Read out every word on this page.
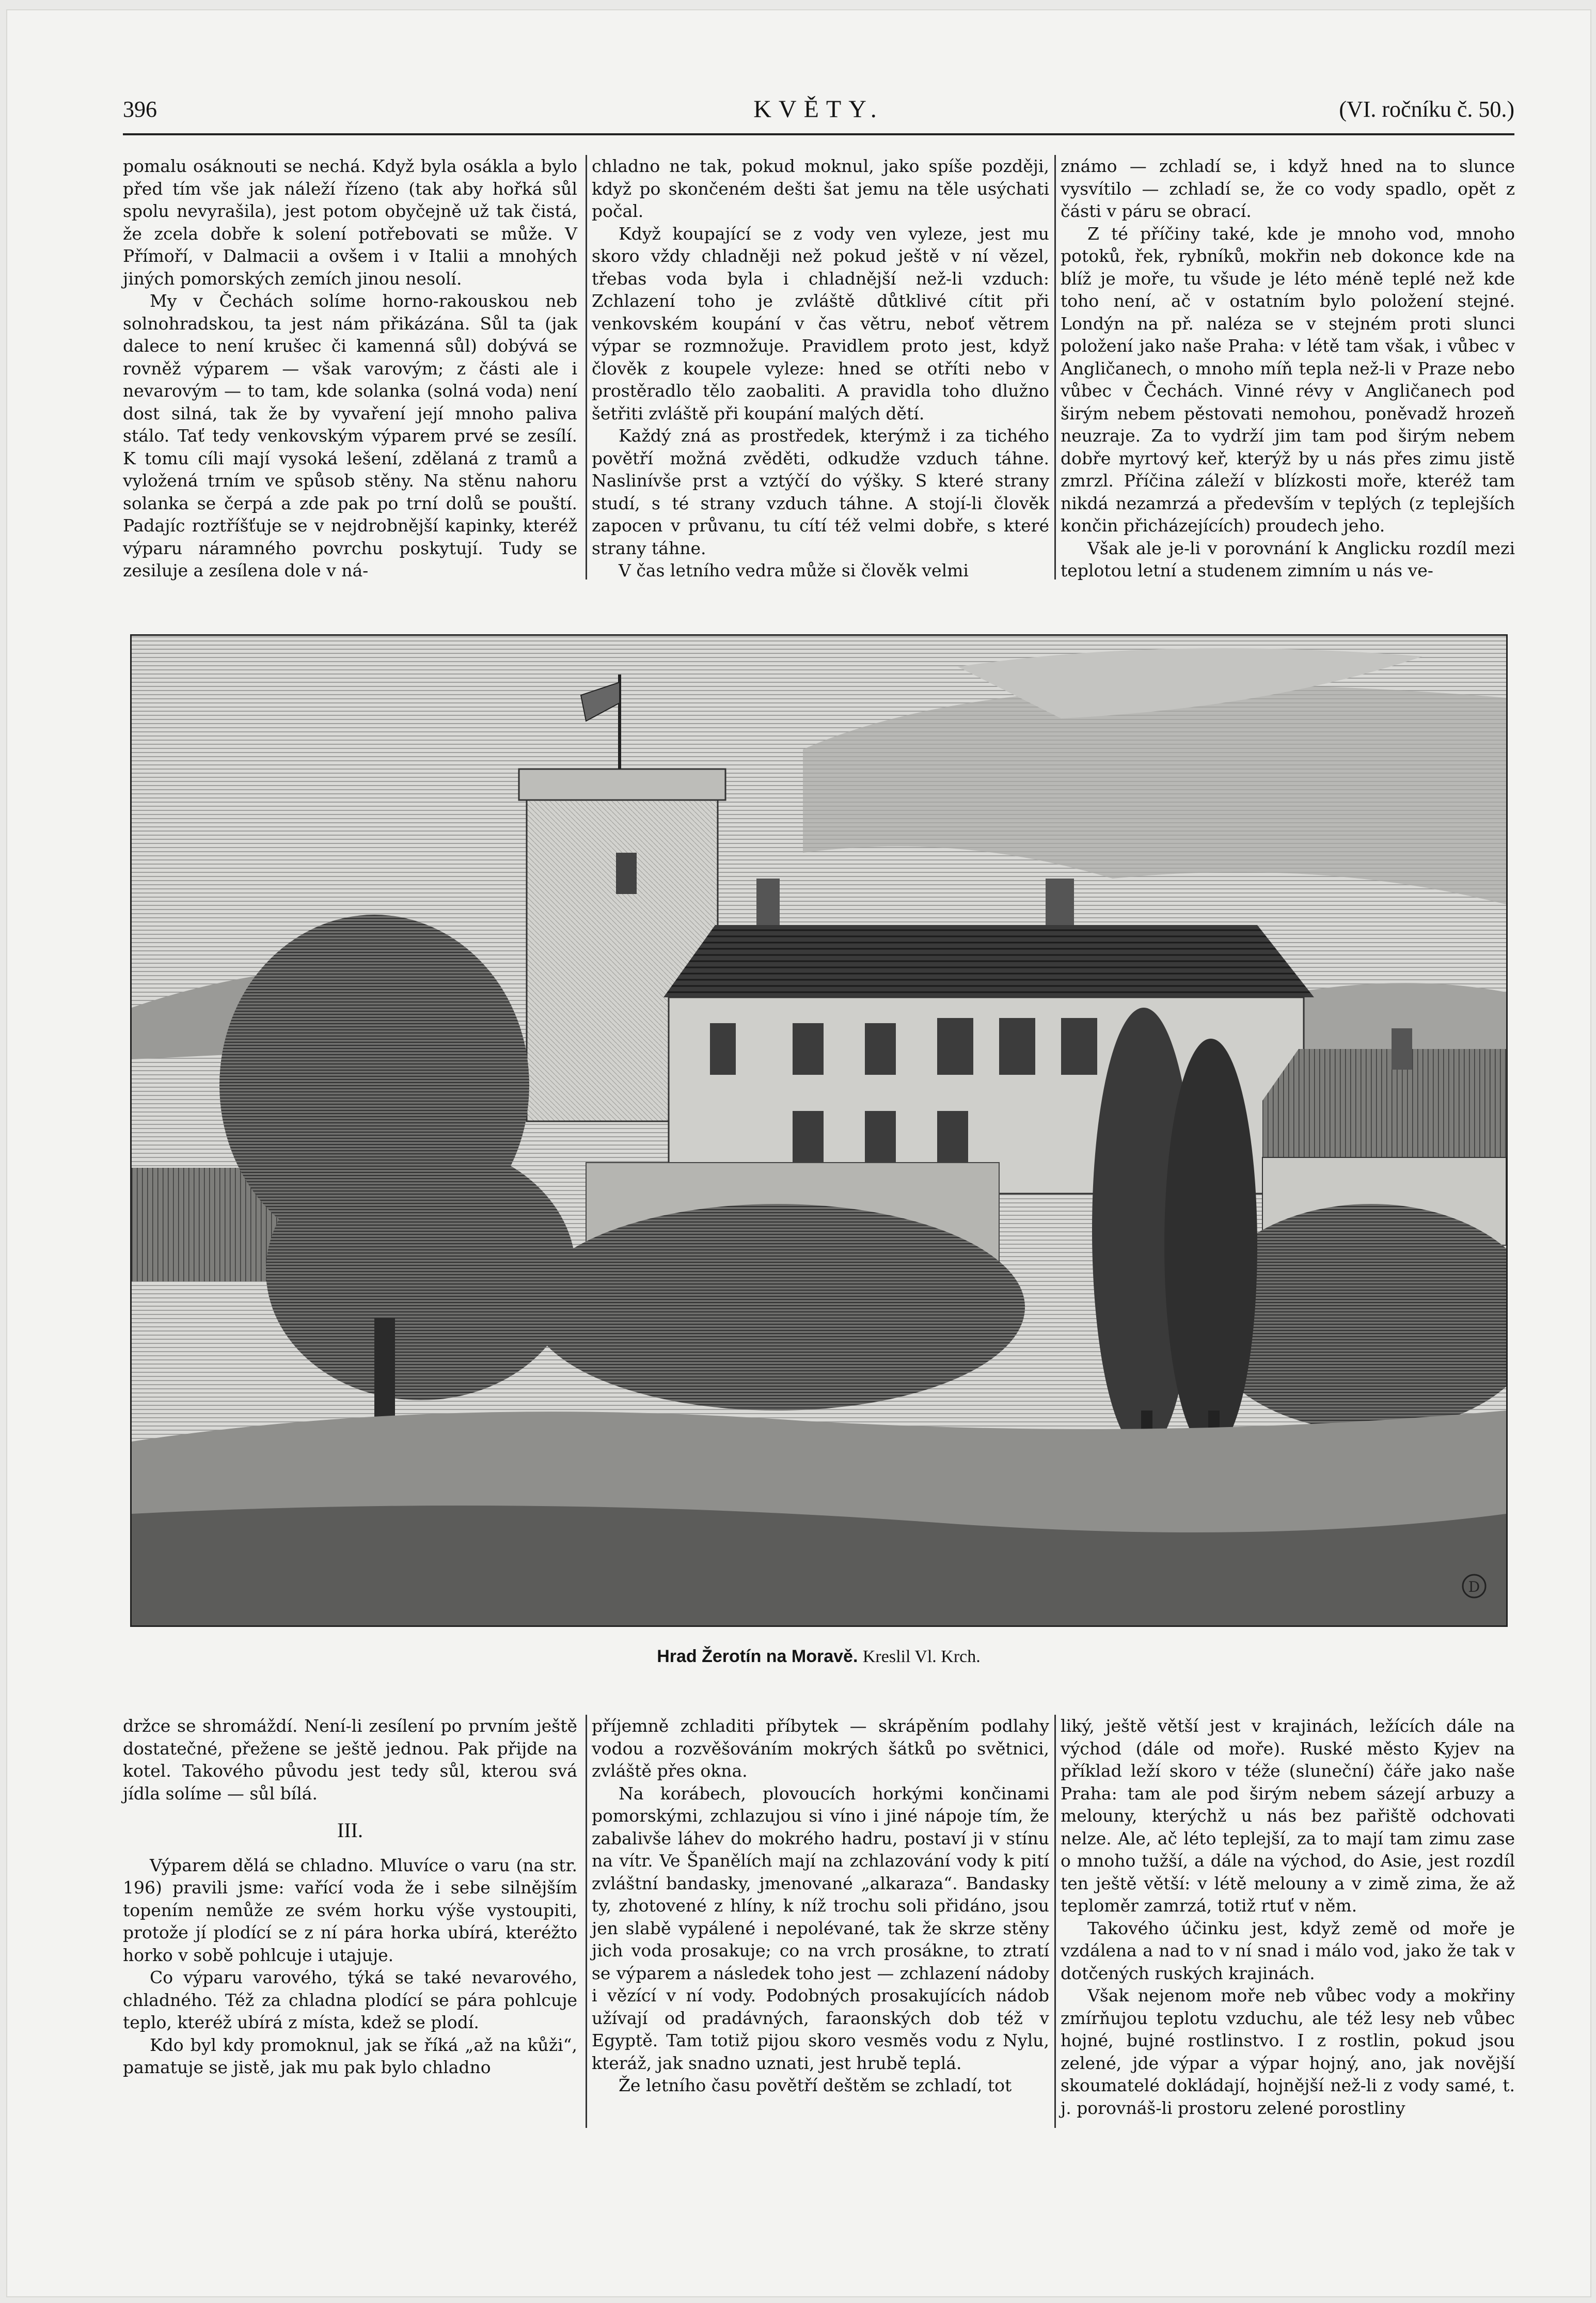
396	KVĚTY.	(VI. ročníku č. 50.)

pomalu osáknouti se nechá. Když byla osákla a bylo před tím vše jak náleží řízeno (tak aby hořká sůl spolu nevyrašila), jest potom obyčejně už tak čistá, že zcela dobře k solení potřebovati se může. V Přímoří, v Dalmacii a ovšem i v Italii a mnohých jiných pomorských zemích jinou nesolí.

My v Čechách solíme horno-rakouskou neb solnohradskou, ta jest nám přikázána. Sůl ta (jak dalece to není krušec či kamenná sůl) dobývá se rovněž výparem — však varovým; z části ale i nevarovým — to tam, kde solanka (solná voda) není dost silná, tak že by vyvaření její mnoho paliva stálo. Tať tedy venkovským výparem prvé se zesílí. K tomu cíli mají vysoká lešení, zdělaná z tramů a vyložená trním ve spůsob stěny. Na stěnu nahoru solanka se čerpá a zde pak po trní dolů se pouští. Padajíc roztříšťuje se v nejdrobnější kapinky, kteréž výparu náramného povrchu poskytují. Tudy se zesiluje a zesílena dole v ná-

chladno ne tak, pokud moknul, jako spíše později, když po skončeném dešti šat jemu na těle usýchati počal.

Když koupající se z vody ven vyleze, jest mu skoro vždy chladněji než pokud ještě v ní vězel, třebas voda byla i chladnější než-li vzduch: Zchlazení toho je zvláště důtklivé cítit při venkovském koupání v čas větru, neboť větrem výpar se rozmnožuje. Pravidlem proto jest, když člověk z koupele vyleze: hned se otříti nebo v prostěradlo tělo zaobaliti. A pravidla toho dlužno šetřiti zvláště při koupání malých dětí.

Každý zná as prostředek, kterýmž i za tichého povětří možná zvěděti, odkudže vzduch táhne. Naslinívše prst a vztýčí do výšky. S které strany studí, s té strany vzduch táhne. A stojí-li člověk zapocen v průvanu, tu cítí též velmi dobře, s které strany táhne.

V čas letního vedra může si člověk velmi

známo — zchladí se, i když hned na to slunce vysvítilo — zchladí se, že co vody spadlo, opět z části v páru se obrací.

Z té příčiny také, kde je mnoho vod, mnoho potoků, řek, rybníků, mokřin neb dokonce kde na blíž je moře, tu všude je léto méně teplé než kde toho není, ač v ostatním bylo položení stejné. Londýn na př. naléza se v stejném proti slunci položení jako naše Praha: v létě tam však, i vůbec v Angličanech, o mnoho míň tepla než-li v Praze nebo vůbec v Čechách. Vinné révy v Angličanech pod širým nebem pěstovati nemohou, poněvadž hrozeň neuzraje. Za to vydrží jim tam pod širým nebem dobře myrtový keř, kterýž by u nás přes zimu jistě zmrzl. Příčina záleží v blízkosti moře, kteréž tam nikdá nezamrzá a především v teplých (z teplejších končin přicházejících) proudech jeho.

Však ale je-li v porovnání k Anglicku rozdíl mezi teplotou letní a studenem zimním u nás ve-

D
Hrad Žerotín na Moravě. Kreslil Vl. Krch.

držce se shromáždí. Není-li zesílení po prvním ještě dostatečné, přežene se ještě jednou. Pak přijde na kotel. Takového původu jest tedy sůl, kterou svá jídla solíme — sůl bílá.

III.

Výparem dělá se chladno. Mluvíce o varu (na str. 196) pravili jsme: vařící voda že i sebe silnějším topením nemůže ze svém horku výše vystoupiti, protože jí plodící se z ní pára horka ubírá, kteréžto horko v sobě pohlcuje i utajuje.

Co výparu varového, týká se také nevarového, chladného. Též za chladna plodící se pára pohlcuje teplo, kteréž ubírá z místa, kdež se plodí.

Kdo byl kdy promoknul, jak se říká „až na kůži“, pamatuje se jistě, jak mu pak bylo chladno

příjemně zchladiti příbytek — skrápěním podlahy vodou a rozvěšováním mokrých šátků po světnici, zvláště přes okna.

Na korábech, plovoucích horkými končinami pomorskými, zchlazujou si víno i jiné nápoje tím, že zabalivše láhev do mokrého hadru, postaví ji v stínu na vítr. Ve Španělích mají na zchlazování vody k pití zvláštní bandasky, jmenované „alkaraza“. Bandasky ty, zhotovené z hlíny, k níž trochu soli přidáno, jsou jen slabě vypálené i nepolévané, tak že skrze stěny jich voda prosakuje; co na vrch prosákne, to ztratí se výparem a následek toho jest — zchlazení nádoby i vězící v ní vody. Podobných prosakujících nádob užívají od pradávných, faraonských dob též v Egyptě. Tam totiž pijou skoro vesměs vodu z Nylu, kteráž, jak snadno uznati, jest hrubě teplá.

Že letního času povětří deštěm se zchladí, tot

liký, ještě větší jest v krajinách, ležících dále na východ (dále od moře). Ruské město Kyjev na příklad leží skoro v téže (sluneční) čáře jako naše Praha: tam ale pod širým nebem sázejí arbuzy a melouny, kterýchž u nás bez pařiště odchovati nelze. Ale, ač léto teplejší, za to mají tam zimu zase o mnoho tužší, a dále na východ, do Asie, jest rozdíl ten ještě větší: v létě melouny a v zimě zima, že až teploměr zamrzá, totiž rtuť v něm.

Takového účinku jest, když země od moře je vzdálena a nad to v ní snad i málo vod, jako že tak v dotčených ruských krajinách.

Však nejenom moře neb vůbec vody a mokřiny zmírňujou teplotu vzduchu, ale též lesy neb vůbec hojné, bujné rostlinstvo. I z rostlin, pokud jsou zelené, jde výpar a výpar hojný, ano, jak novější skoumatelé dokládají, hojnější než-li z vody samé, t. j. porovnáš-li prostoru zelené porostliny
